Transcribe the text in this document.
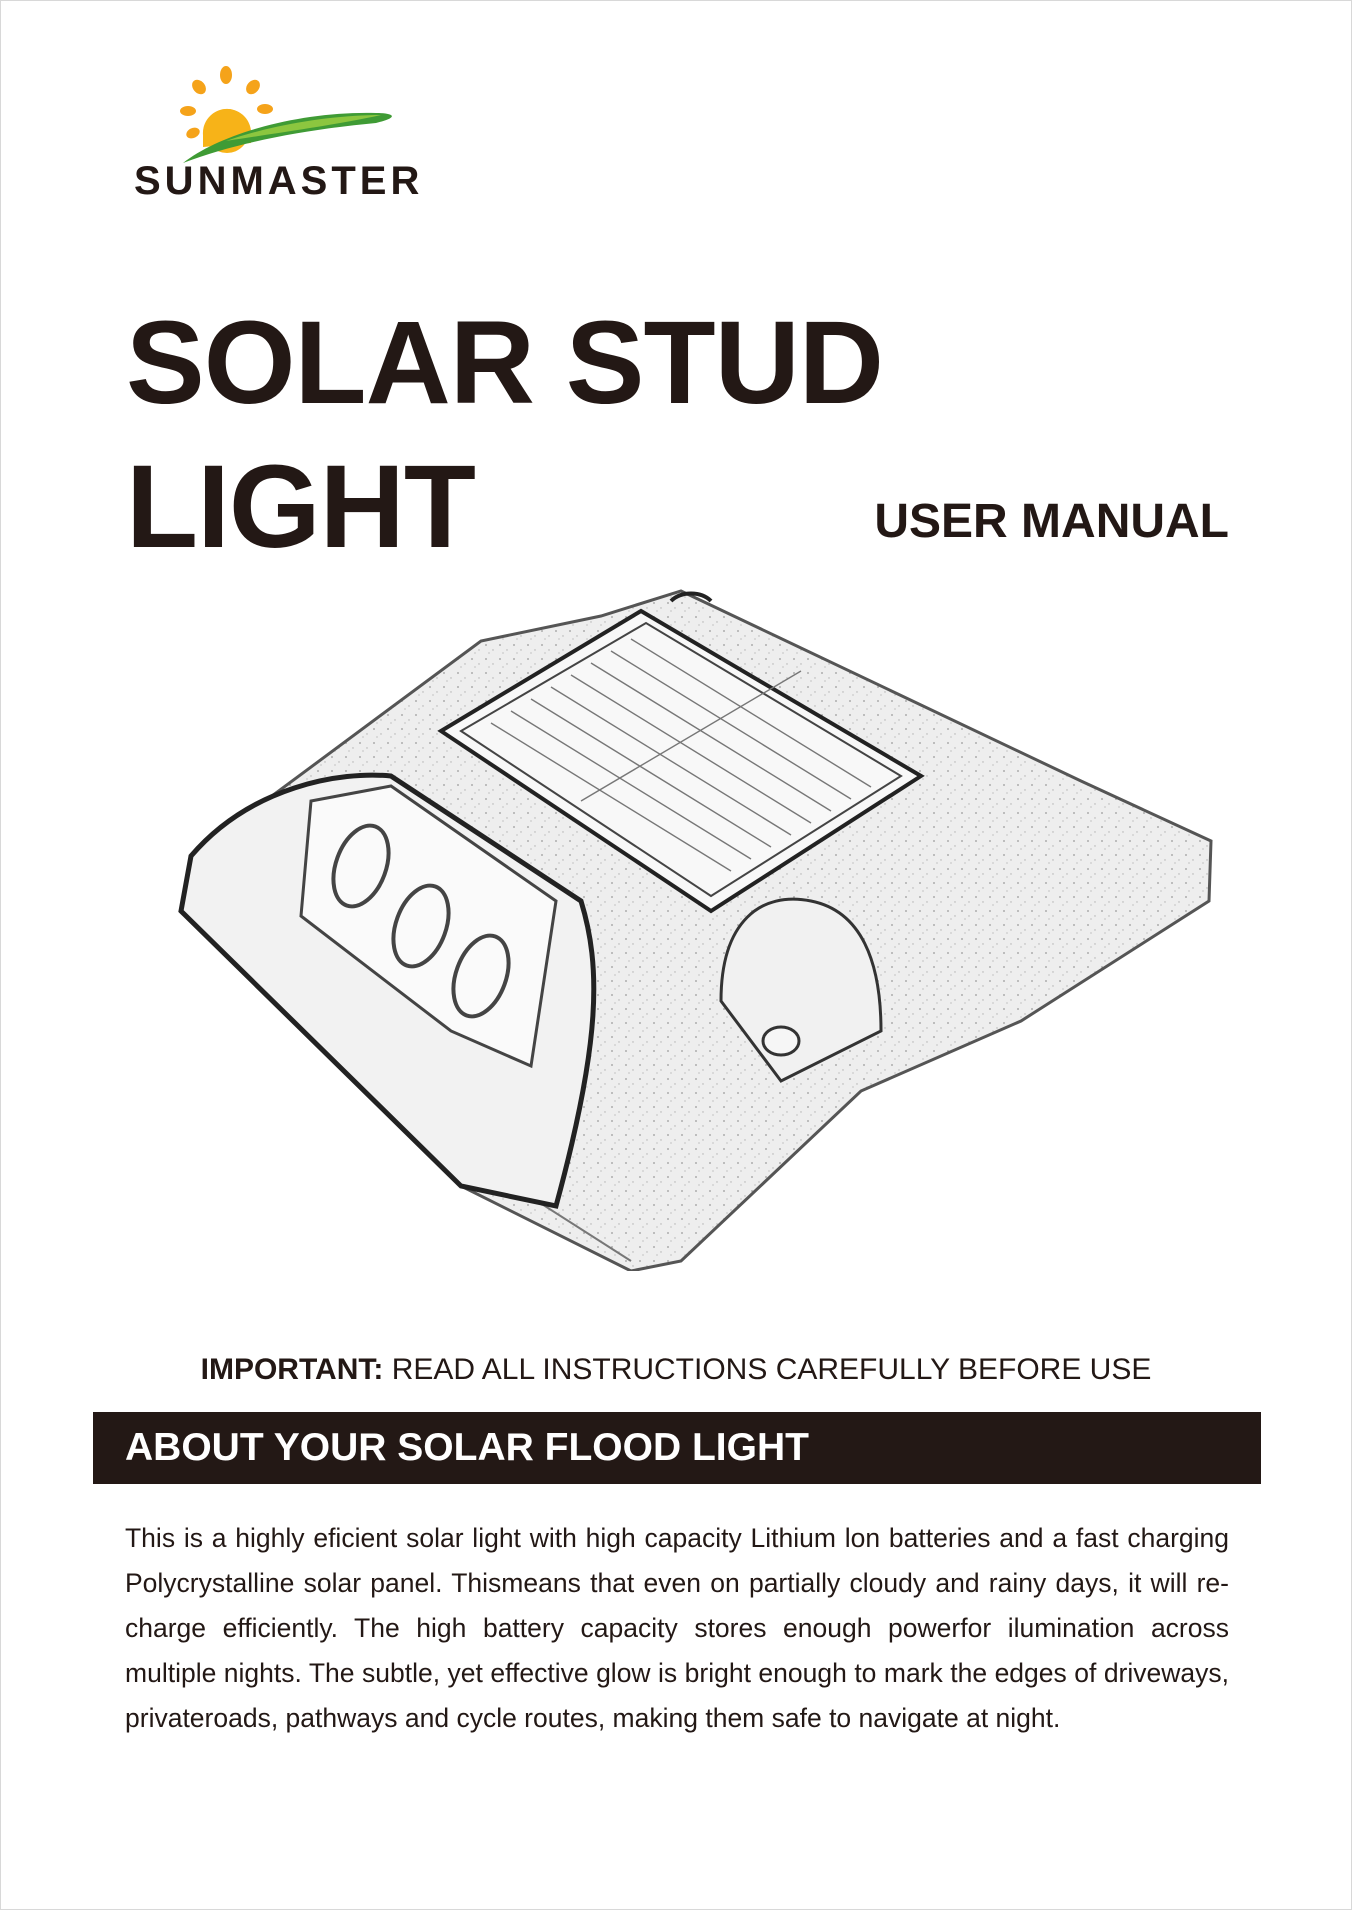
SUNMASTER
SOLAR STUD
LIGHT	USER MANUAL
IMPORTANT: READ ALL INSTRUCTIONS CAREFULLY BEFORE USE
ABOUT YOUR SOLAR FLOOD LIGHT

This is a highly eficient solar light with high capacity Lithium lon batteries and a fast charging Polycrystalline solar panel. Thismeans that even on partially cloudy and rainy days, it will re-charge efficiently. The high battery capacity stores enough powerfor ilumination across multiple nights. The subtle, yet effective glow is bright enough to mark the edges of driveways, privateroads, pathways and cycle routes, making them safe to navigate at night.
